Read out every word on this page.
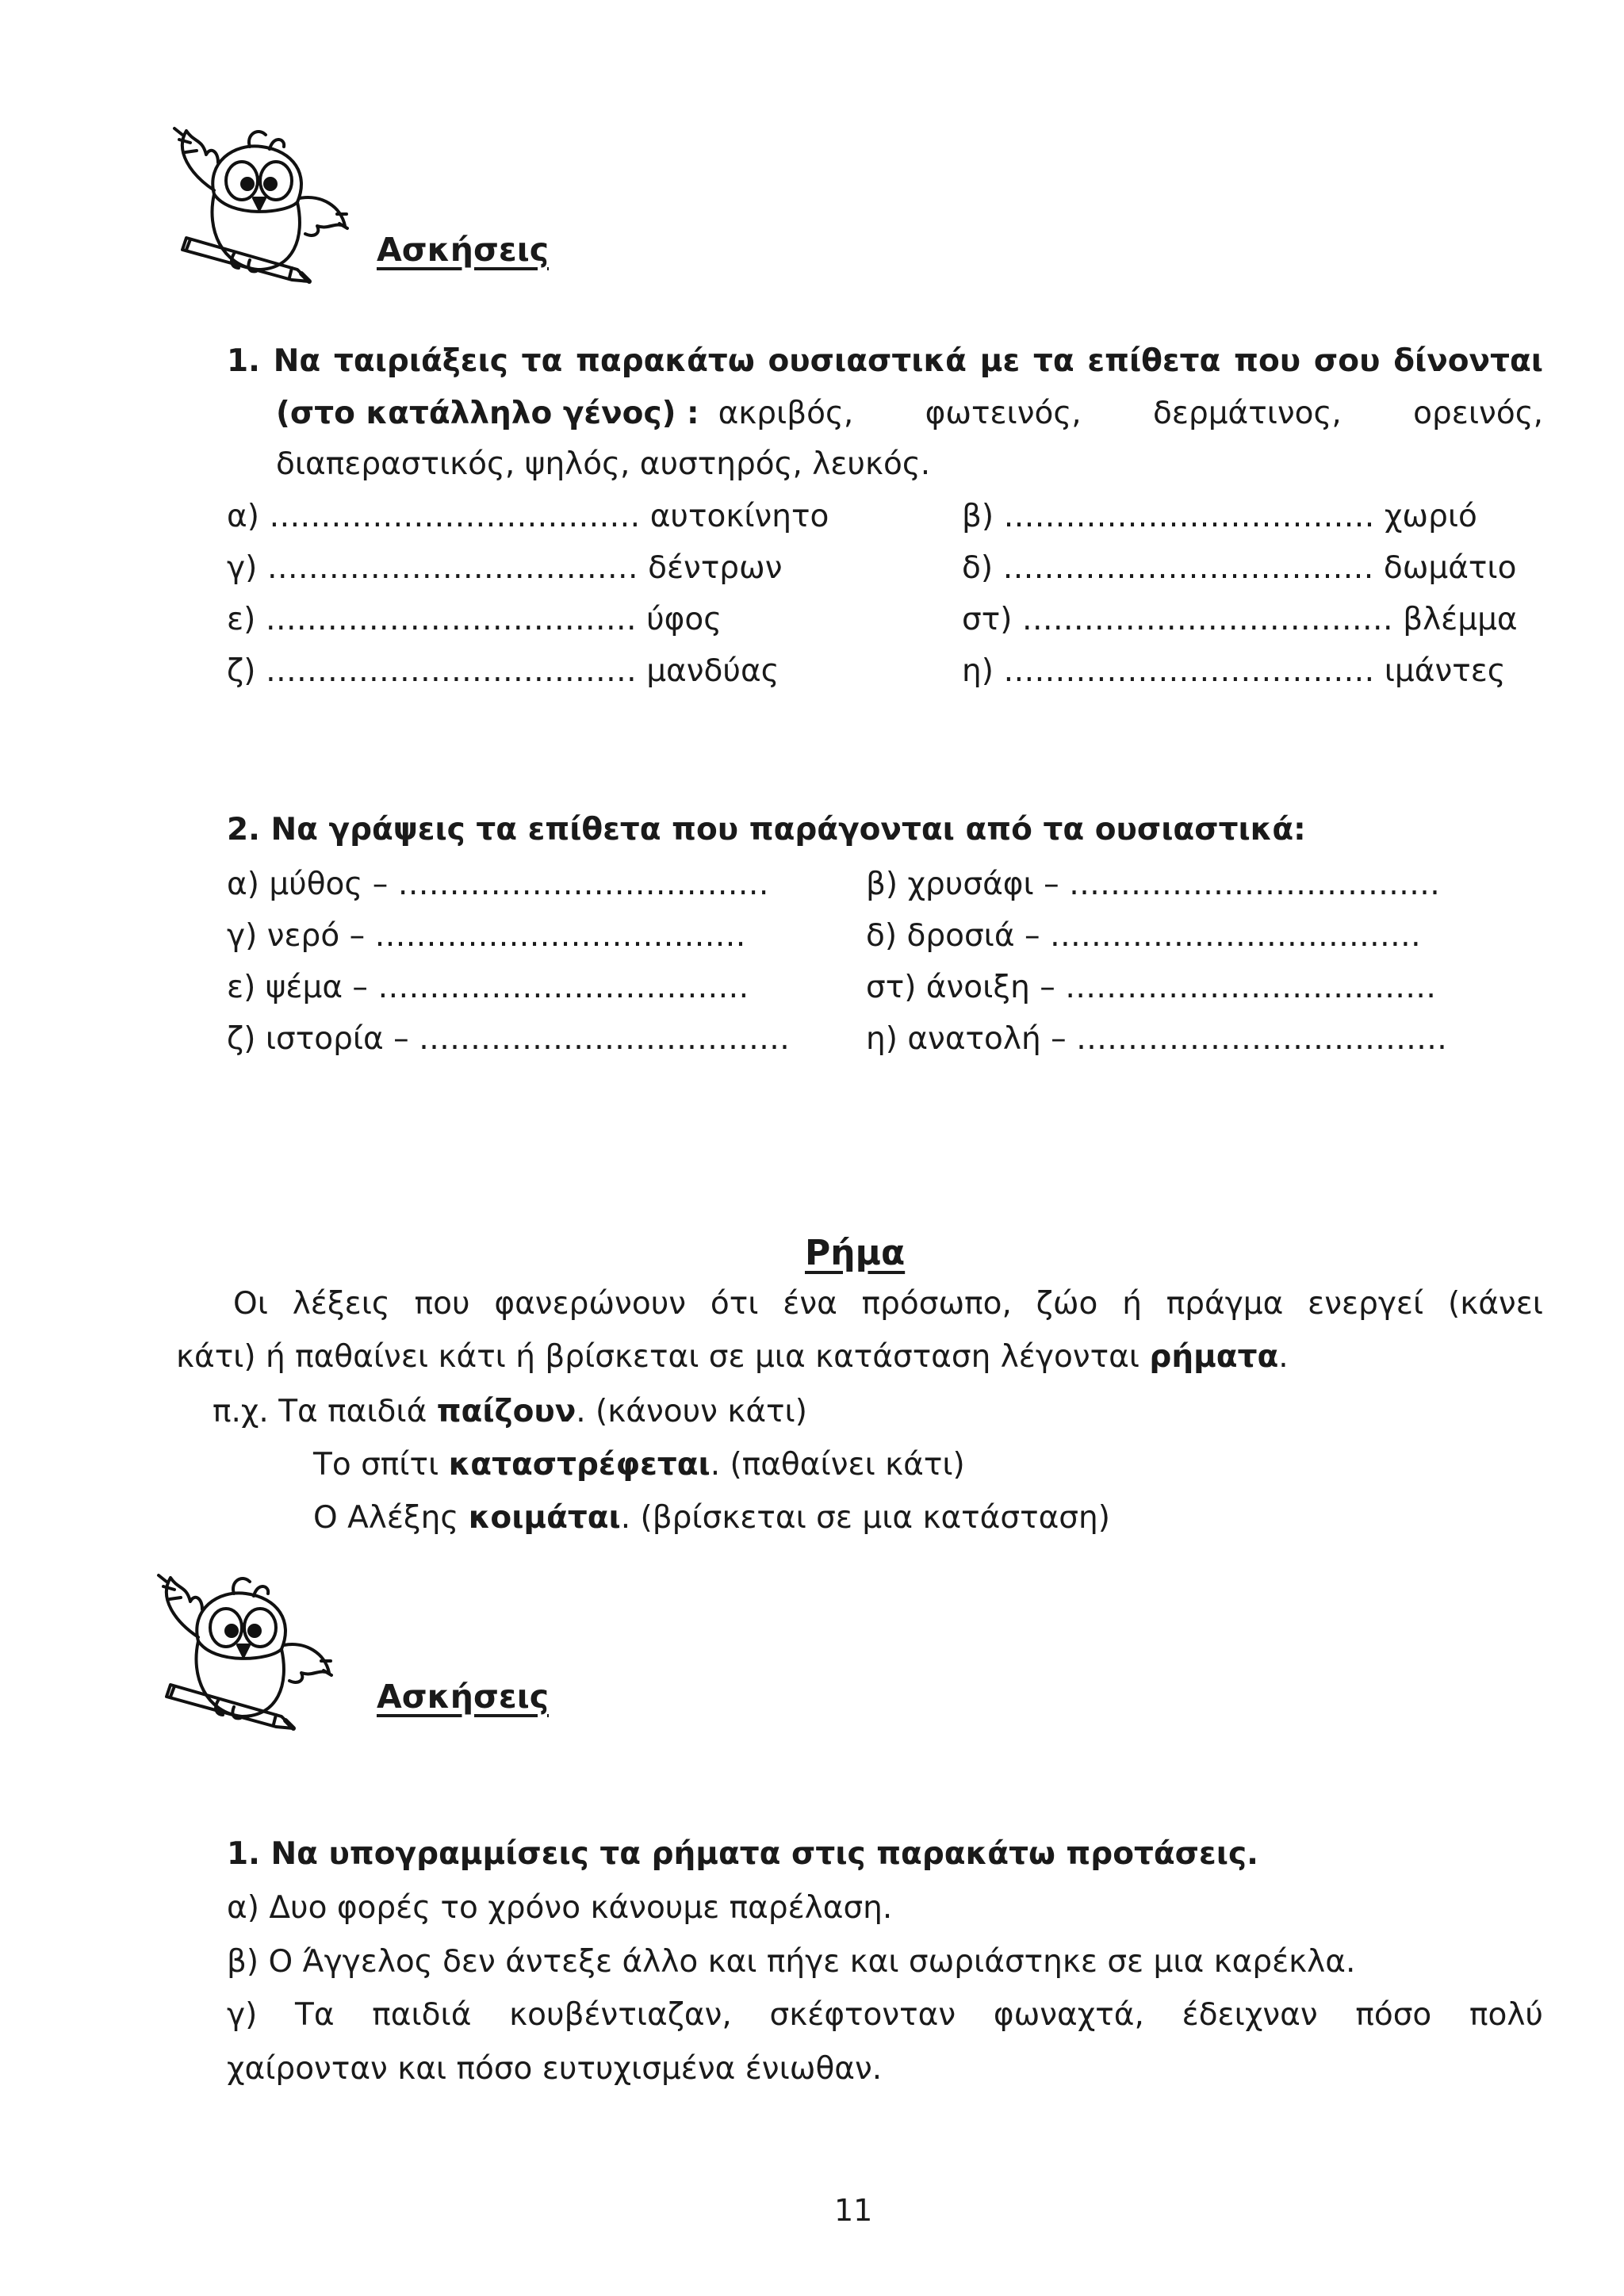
Ασκήσεις
1. Να ταιριάξεις τα παρακάτω ουσιαστικά με τα επίθετα που σου δίνονται
(στο κατάλληλο γένος) : ακριβός, φωτεινός, δερμάτινος, ορεινός,
διαπεραστικός, ψηλός, αυστηρός, λευκός.
α) ……………………………… αυτοκίνητο
γ) ……………………………… δέντρων
ε) ……………………………… ύφος
ζ) ……………………………… μανδύας
β) ……………………………… χωριό
δ) ……………………………… δωμάτιο
στ) ……………………………… βλέμμα
η) ……………………………… ιμάντες
2. Να γράψεις τα επίθετα που παράγονται από τα ουσιαστικά:
α) μύθος – ………………………………
γ) νερό – ………………………………
ε) ψέμα – ………………………………
ζ) ιστορία – ………………………………
β) χρυσάφι – ………………………………
δ) δροσιά – ………………………………
στ) άνοιξη – ………………………………
η) ανατολή – ………………………………
Ρήμα
Οι λέξεις που φανερώνουν ότι ένα πρόσωπο, ζώο ή πράγμα ενεργεί (κάνει
κάτι) ή παθαίνει κάτι ή βρίσκεται σε μια κατάσταση λέγονται ρήματα.
π.χ. Τα παιδιά παίζουν. (κάνουν κάτι)
Το σπίτι καταστρέφεται. (παθαίνει κάτι)
Ο Αλέξης κοιμάται. (βρίσκεται σε μια κατάσταση)
Ασκήσεις
1. Να υπογραμμίσεις τα ρήματα στις παρακάτω προτάσεις.
α) Δυο φορές το χρόνο κάνουμε παρέλαση.
β) Ο Άγγελος δεν άντεξε άλλο και πήγε και σωριάστηκε σε μια καρέκλα.
γ) Τα παιδιά κουβέντιαζαν, σκέφτονταν φωναχτά, έδειχναν πόσο πολύ
χαίρονταν και πόσο ευτυχισμένα ένιωθαν.
11
